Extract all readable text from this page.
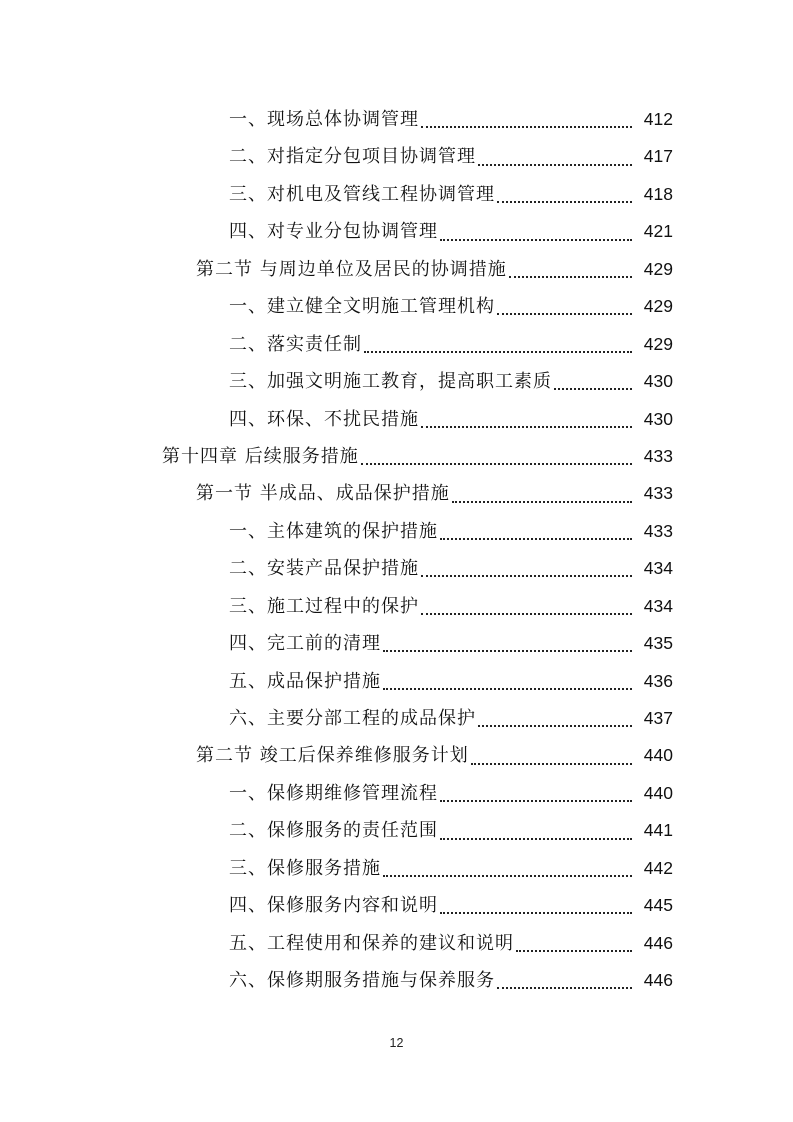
一、现场总体协调管理	412
二、对指定分包项目协调管理	417
三、对机电及管线工程协调管理	418
四、对专业分包协调管理	421
第二节 与周边单位及居民的协调措施	429
一、建立健全文明施工管理机构	429
二、落实责任制	429
三、加强文明施工教育，提高职工素质	430
四、环保、不扰民措施	430
第十四章 后续服务措施	433
第一节 半成品、成品保护措施	433
一、主体建筑的保护措施	433
二、安装产品保护措施	434
三、施工过程中的保护	434
四、完工前的清理	435
五、成品保护措施	436
六、主要分部工程的成品保护	437
第二节 竣工后保养维修服务计划	440
一、保修期维修管理流程	440
二、保修服务的责任范围	441
三、保修服务措施	442
四、保修服务内容和说明	445
五、工程使用和保养的建议和说明	446
六、保修期服务措施与保养服务	446
12
